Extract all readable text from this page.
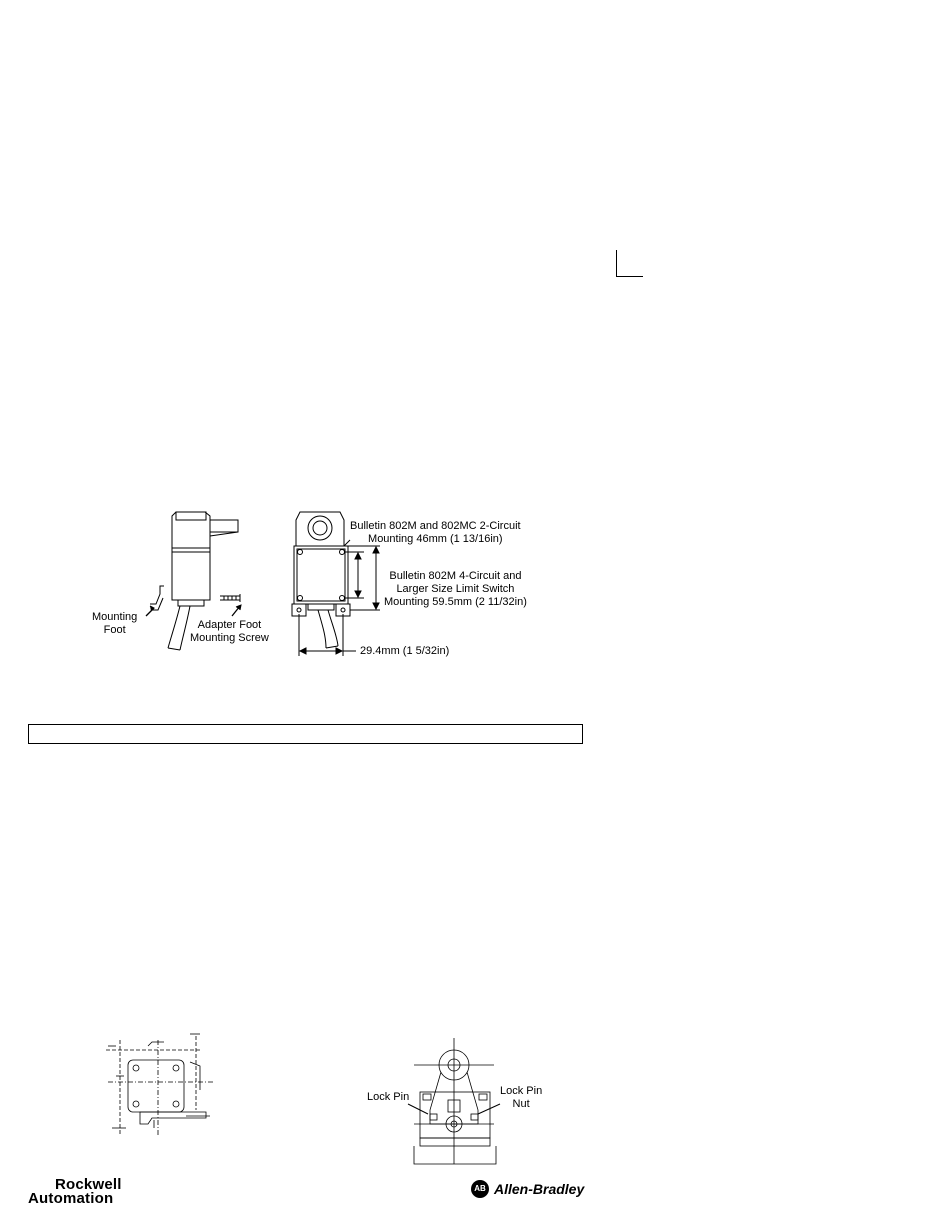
Mounting
Foot	Adapter Foot
Mounting Screw
Bulletin 802M and 802MC 2-Circuit
Mounting 46mm (1 13/16in)
Bulletin 802M 4-Circuit and
Larger Size Limit Switch
Mounting 59.5mm (2 11/32in)
29.4mm (1 5/32in)
Lock Pin	Lock Pin
Nut
Rockwell
Automation
AB Allen-Bradley
